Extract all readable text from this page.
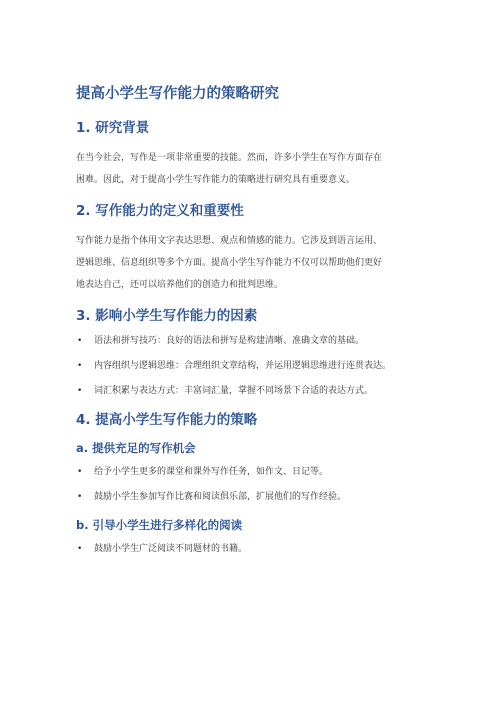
提高小学生写作能力的策略研究
1. 研究背景
在当今社会，写作是一项非常重要的技能。然而，许多小学生在写作方面存在
困难。因此，对于提高小学生写作能力的策略进行研究具有重要意义。
2. 写作能力的定义和重要性
写作能力是指个体用文字表达思想、观点和情感的能力。它涉及到语言运用、
逻辑思维、信息组织等多个方面。提高小学生写作能力不仅可以帮助他们更好
地表达自己，还可以培养他们的创造力和批判思维。
3. 影响小学生写作能力的因素
• 语法和拼写技巧：良好的语法和拼写是构建清晰、准确文章的基础。
• 内容组织与逻辑思维：合理组织文章结构，并运用逻辑思维进行连贯表达。
• 词汇积累与表达方式：丰富词汇量，掌握不同场景下合适的表达方式。
4. 提高小学生写作能力的策略
a. 提供充足的写作机会
• 给予小学生更多的课堂和课外写作任务，如作文、日记等。
• 鼓励小学生参加写作比赛和阅读俱乐部，扩展他们的写作经验。
b. 引导小学生进行多样化的阅读
• 鼓励小学生广泛阅读不同题材的书籍。
